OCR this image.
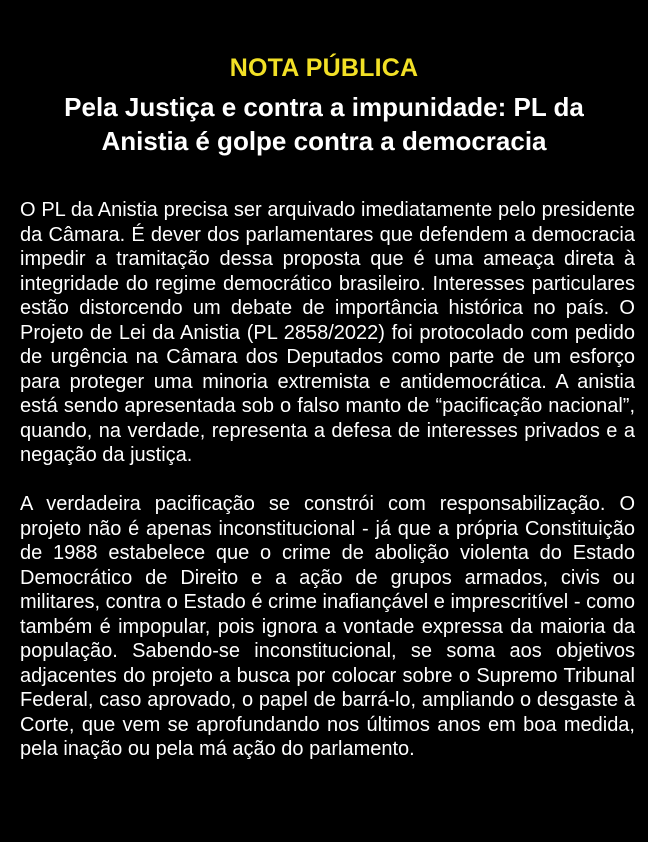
NOTA PÚBLICA
Pela Justiça e contra a impunidade: PL da Anistia é golpe contra a democracia

O PL da Anistia precisa ser arquivado imediatamente pelo presidente da Câmara. É dever dos parlamentares que defendem a democracia impedir a tramitação dessa proposta que é uma ameaça direta à integridade do regime democrático brasileiro. Interesses particulares estão distorcendo um debate de importância histórica no país. O Projeto de Lei da Anistia (PL 2858/2022) foi protocolado com pedido de urgência na Câmara dos Deputados como parte de um esforço para proteger uma minoria extremista e antidemocrática. A anistia está sendo apresentada sob o falso manto de “pacificação nacional”, quando, na verdade, representa a defesa de interesses privados e a negação da justiça.

A verdadeira pacificação se constrói com responsabilização. O projeto não é apenas inconstitucional - já que a própria Constituição de 1988 estabelece que o crime de abolição violenta do Estado Democrático de Direito e a ação de grupos armados, civis ou militares, contra o Estado é crime inafiançável e imprescritível - como também é impopular, pois ignora a vontade expressa da maioria da população. Sabendo-se inconstitucional, se soma aos objetivos adjacentes do projeto a busca por colocar sobre o Supremo Tribunal Federal, caso aprovado, o papel de barrá-lo, ampliando o desgaste à Corte, que vem se aprofundando nos últimos anos em boa medida, pela inação ou pela má ação do parlamento.
